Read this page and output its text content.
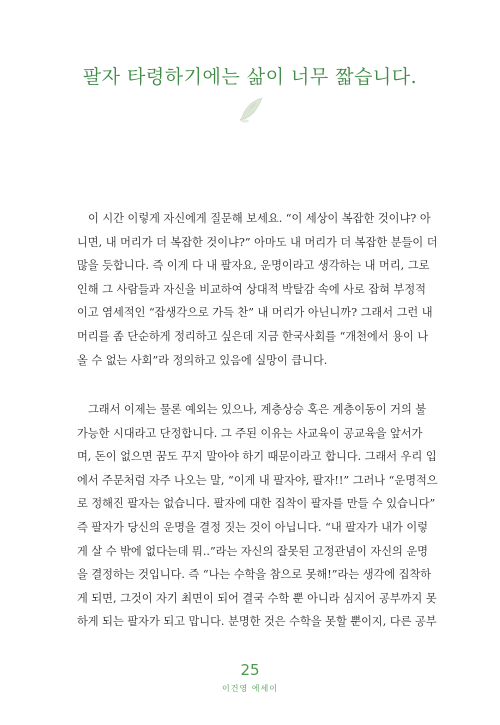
팔자 타령하기에는 삶이 너무 짧습니다.
이 시간 이렇게 자신에게 질문해 보세요. “이 세상이 복잡한 것이냐? 아
니면, 내 머리가 더 복잡한 것이냐?” 아마도 내 머리가 더 복잡한 분들이 더
많을 듯합니다. 즉 이게 다 내 팔자요, 운명이라고 생각하는 내 머리, 그로
인해 그 사람들과 자신을 비교하여 상대적 박탈감 속에 사로 잡혀 부정적
이고 염세적인 “잡생각으로 가득 찬” 내 머리가 아닌니까? 그래서 그런 내
머리를 좀 단순하게 정리하고 싶은데 지금 한국사회를 “개천에서 용이 나
올 수 없는 사회”라 정의하고 있음에 실망이 큽니다.
그래서 이제는 물론 예외는 있으나, 계층상승 혹은 계층이동이 거의 불
가능한 시대라고 단정합니다. 그 주된 이유는 사교육이 공교육을 앞서가
며, 돈이 없으면 꿈도 꾸지 말아야 하기 때문이라고 합니다. 그래서 우리 입
에서 주문처럼 자주 나오는 말, “이게 내 팔자야, 팔자!!” 그러나 “운명적으
로 정해진 팔자는 없습니다. 팔자에 대한 집착이 팔자를 만들 수 있습니다”
즉 팔자가 당신의 운명을 결정 짓는 것이 아닙니다. “내 팔자가 내가 이렇
게 살 수 밖에 없다는데 뭐..”라는 자신의 잘못된 고정관념이 자신의 운명
을 결정하는 것입니다. 즉 “나는 수학을 참으로 못해!”라는 생각에 집착하
게 되면, 그것이 자기 최면이 되어 결국 수학 뿐 아니라 심지어 공부까지 못
하게 되는 팔자가 되고 맙니다. 분명한 것은 수학을 못할 뿐이지, 다른 공부
25
이건영 에세이
